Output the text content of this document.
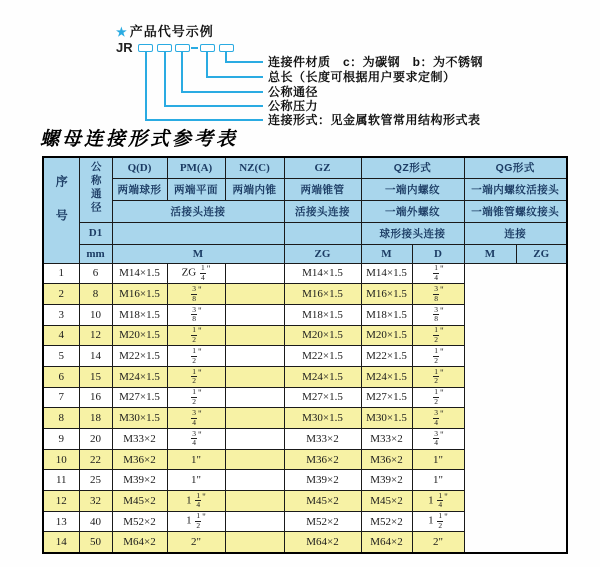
★ 产品代号示例
JR
连接件材质　c：为碳钢　b：为不锈钢
总长（长度可根据用户要求定制）
公称通径
公称压力
连接形式：见金属软管常用结构形式表
螺母连接形式参考表
序号	公称通径	Q(D)	PM(A)	NZ(C)	GZ	QZ形式		QG形式	
		两端球形	两端平面	两端内锥	两端锥管	一端内螺纹		一端内螺纹活接头	
		活接头连接			活接头连接	一端外螺纹		一端锥管螺纹接头	
	D1					球形接头连接		连接	
	mm	M			ZG	M	D	M	ZG
1	6	M14×1.5	ZG $\frac{1}{4} ^"$		M14×1.5	M14×1.5	$\frac{1}{4} ^"$
2	8	M16×1.5	$\frac{3}{8} ^"$		M16×1.5	M16×1.5	$\frac{3}{8} ^"$
3	10	M18×1.5	$\frac{3}{8} ^"$		M18×1.5	M18×1.5	$\frac{3}{8} ^"$
4	12	M20×1.5	$\frac{1}{2} ^"$		M20×1.5	M20×1.5	$\frac{1}{2} ^"$
5	14	M22×1.5	$\frac{1}{2} ^"$		M22×1.5	M22×1.5	$\frac{1}{2} ^"$
6	15	M24×1.5	$\frac{1}{2} ^"$		M24×1.5	M24×1.5	$\frac{1}{2} ^"$
7	16	M27×1.5	$\frac{1}{2} ^"$		M27×1.5	M27×1.5	$\frac{1}{2} ^"$
8	18	M30×1.5	$\frac{3}{4} ^"$		M30×1.5	M30×1.5	$\frac{3}{4} ^"$
9	20	M33×2	$\frac{3}{4} ^"$		M33×2	M33×2	$\frac{3}{4} ^"$
10	22	M36×2	1"		M36×2	M36×2	1"		
11	25	M39×2	1"		M39×2	M39×2	1"		
12	32	M45×2	$1 \frac{1}{4} ^"$		M45×2	M45×2	$1 \frac{1}{4} ^"$
13	40	M52×2	$1 \frac{1}{2} ^"$		M52×2	M52×2	$1 \frac{1}{2} ^"$
14	50	M64×2	2"		M64×2	M64×2	2"		
